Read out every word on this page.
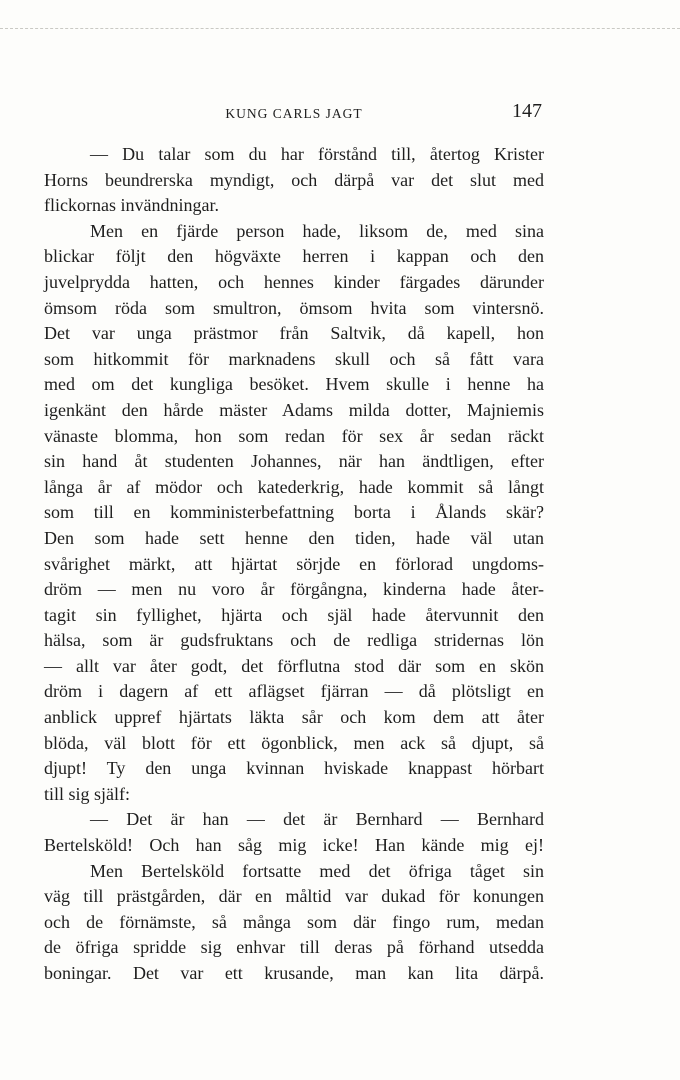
KUNG CARLS JAGT	147
— Du talar som du har förstånd till, återtog Krister
Horns beundrerska myndigt, och därpå var det slut med
flickornas invändningar.
Men en fjärde person hade, liksom de, med sina
blickar följt den högväxte herren i kappan och den
juvelprydda hatten, och hennes kinder färgades därunder
ömsom röda som smultron, ömsom hvita som vintersnö.
Det var unga prästmor från Saltvik, då kapell, hon
som hitkommit för marknadens skull och så fått vara
med om det kungliga besöket. Hvem skulle i henne ha
igenkänt den hårde mäster Adams milda dotter, Majniemis
vänaste blomma, hon som redan för sex år sedan räckt
sin hand åt studenten Johannes, när han ändtligen, efter
långa år af mödor och katederkrig, hade kommit så långt
som till en komministerbefattning borta i Ålands skär?
Den som hade sett henne den tiden, hade väl utan
svårighet märkt, att hjärtat sörjde en förlorad ungdoms-
dröm — men nu voro år förgångna, kinderna hade åter-
tagit sin fyllighet, hjärta och själ hade återvunnit den
hälsa, som är gudsfruktans och de redliga stridernas lön
— allt var åter godt, det förflutna stod där som en skön
dröm i dagern af ett aflägset fjärran — då plötsligt en
anblick uppref hjärtats läkta sår och kom dem att åter
blöda, väl blott för ett ögonblick, men ack så djupt, så
djupt! Ty den unga kvinnan hviskade knappast hörbart
till sig själf:
— Det är han — det är Bernhard — Bernhard
Bertelsköld! Och han såg mig icke! Han kände mig ej!
Men Bertelsköld fortsatte med det öfriga tåget sin
väg till prästgården, där en måltid var dukad för konungen
och de förnämste, så många som där fingo rum, medan
de öfriga spridde sig enhvar till deras på förhand utsedda
boningar. Det var ett krusande, man kan lita därpå.
